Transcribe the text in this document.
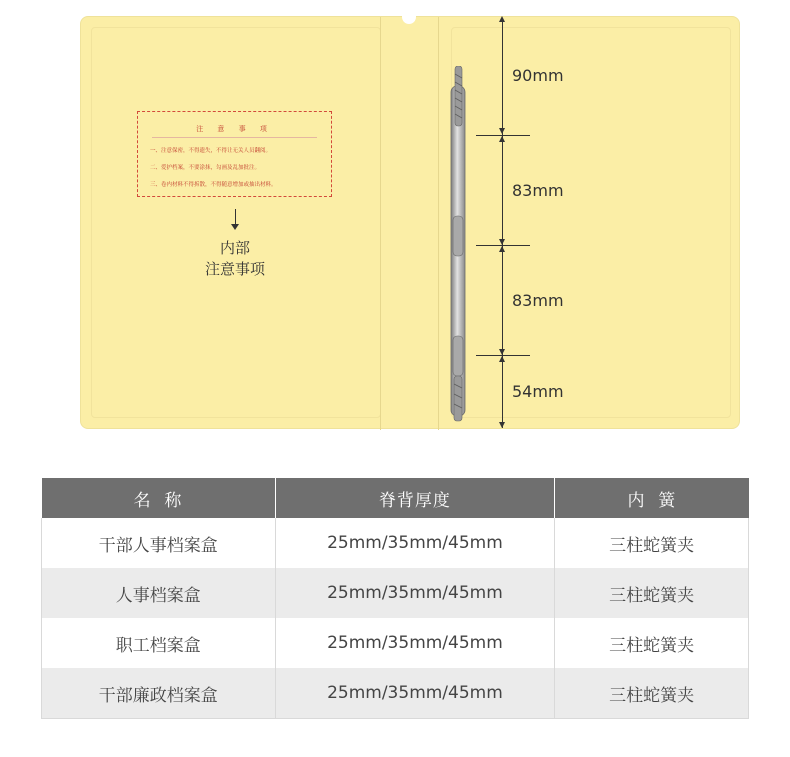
注 意 事 项
一、注意保密，不得遗失，不得让无关人员翻阅。
二、爱护档案，不要涂抹，勾画及乱加批注。
三、卷内材料不得拆散，不得随意增加或抽出材料。
内部
注意事项
90mm
83mm
83mm
54mm
名  称	脊背厚度	内  簧
干部人事档案盒	25mm/35mm/45mm	三柱蛇簧夹
人事档案盒	25mm/35mm/45mm	三柱蛇簧夹
职工档案盒	25mm/35mm/45mm	三柱蛇簧夹
干部廉政档案盒	25mm/35mm/45mm	三柱蛇簧夹
